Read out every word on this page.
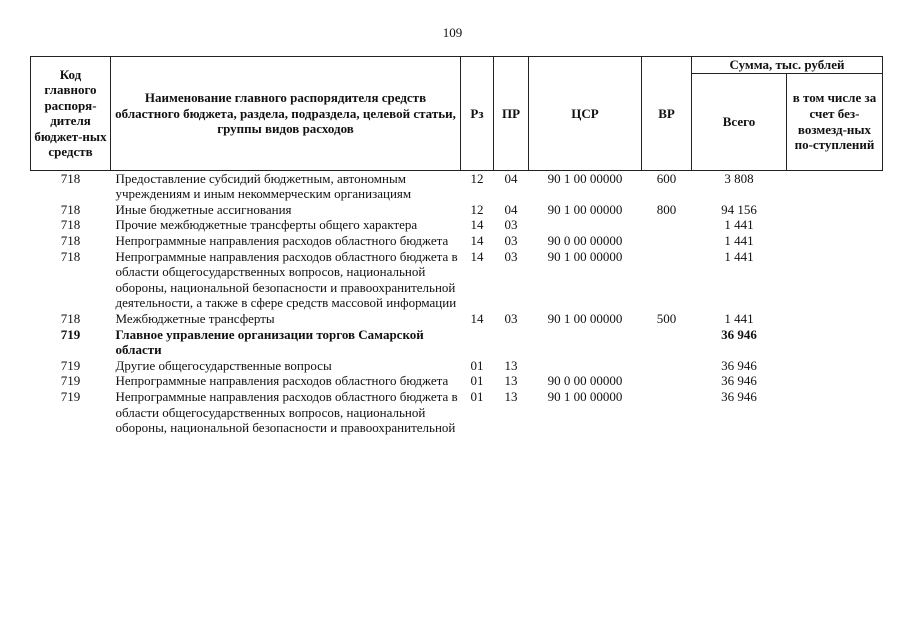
109
Код главного распоря-дителя бюджет-ных средств	Наименование главного распорядителя средств областного бюджета, раздела, подраздела, целевой статьи, группы видов расходов	Рз	ПР	ЦСР	ВР	Сумма, тыс. рублей	
						Всего	в том числе за счет без-возмезд-ных по-ступлений
718	Предоставление субсидий бюджетным, автономным учреждениям и иным некоммерческим организациям	12	04	90 1 00 00000	600	3 808	
718	Иные бюджетные ассигнования	12	04	90 1 00 00000	800	94 156	
718	Прочие межбюджетные трансферты общего характера	14	03			1 441	
718	Непрограммные направления расходов областного бюджета	14	03	90 0 00 00000		1 441	
718	Непрограммные направления расходов областного бюджета в области общегосударственных вопросов, национальной обороны, национальной безопасности и правоохранительной деятельности, а также в сфере средств массовой информации	14	03	90 1 00 00000		1 441	
718	Межбюджетные трансферты	14	03	90 1 00 00000	500	1 441	
719	Главное управление организации торгов Самарской области					36 946	
719	Другие общегосударственные вопросы	01	13			36 946	
719	Непрограммные направления расходов областного бюджета	01	13	90 0 00 00000		36 946	
719	Непрограммные направления расходов областного бюджета в области общегосударственных вопросов, национальной обороны, национальной безопасности и правоохранительной	01	13	90 1 00 00000		36 946	
